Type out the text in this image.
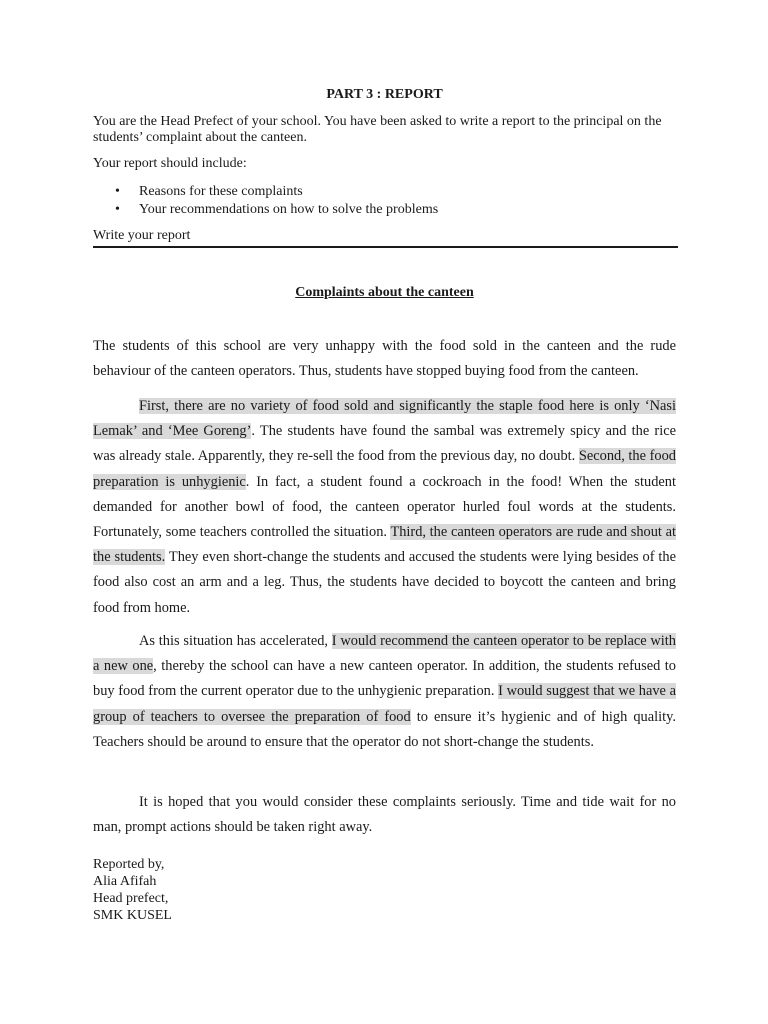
PART 3 : REPORT
You are the Head Prefect of your school. You have been asked to write a report to the principal on the students’ complaint about the canteen.
Your report should include:
• Reasons for these complaints
• Your recommendations on how to solve the problems
Write your report
Complaints about the canteen

The students of this school are very unhappy with the food sold in the canteen and the rude behaviour of the canteen operators. Thus, students have stopped buying food from the canteen.

First, there are no variety of food sold and significantly the staple food here is only ‘Nasi Lemak’ and ‘Mee Goreng’. The students have found the sambal was extremely spicy and the rice was already stale. Apparently, they re-sell the food from the previous day, no doubt. Second, the food preparation is unhygienic. In fact, a student found a cockroach in the food! When the student demanded for another bowl of food, the canteen operator hurled foul words at the students. Fortunately, some teachers controlled the situation. Third, the canteen operators are rude and shout at the students. They even short-change the students and accused the students were lying besides of the food also cost an arm and a leg. Thus, the students have decided to boycott the canteen and bring food from home.

As this situation has accelerated, I would recommend the canteen operator to be replace with a new one, thereby the school can have a new canteen operator. In addition, the students refused to buy food from the current operator due to the unhygienic preparation. I would suggest that we have a group of teachers to oversee the preparation of food to ensure it’s hygienic and of high quality. Teachers should be around to ensure that the operator do not short-change the students.

It is hoped that you would consider these complaints seriously. Time and tide wait for no man, prompt actions should be taken right away.

Reported by,
Alia Afifah
Head prefect,
SMK KUSEL
